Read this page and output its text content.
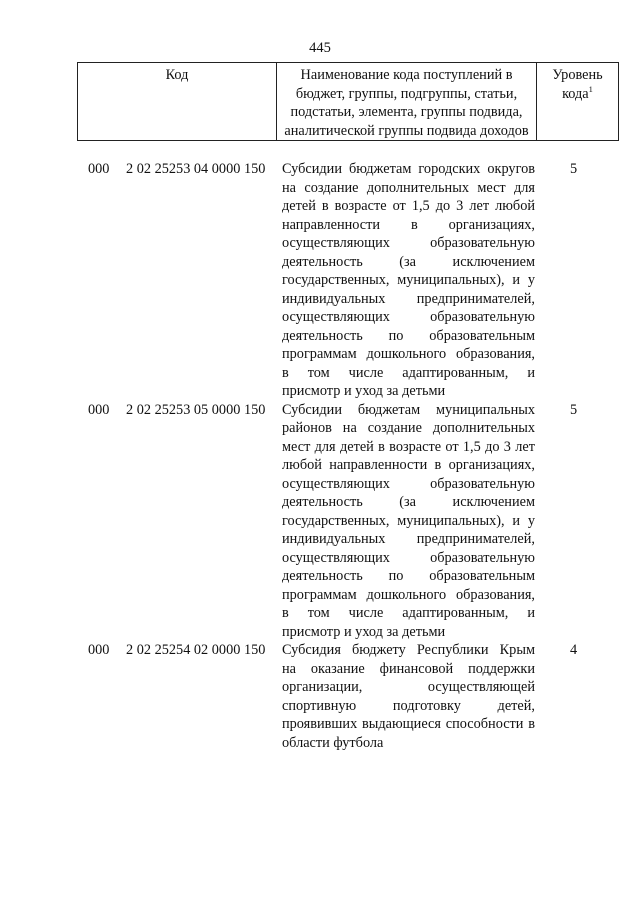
445
Код	Наименование кода поступлений в бюджет, группы, подгруппы, статьи, подстатьи, элемента, группы подвида, аналитической группы подвида доходов	Уровень кода$^1$
000 2 02 25253 04 0000 150 Субсидии бюджетам городских округов
на создание дополнительных мест для
детей в возрасте от 1,5 до 3 лет любой
направленности в организациях,
осуществляющих образовательную
деятельность (за исключением
государственных, муниципальных), и у
индивидуальных предпринимателей,
осуществляющих образовательную
деятельность по образовательным
программам дошкольного образования,
в том числе адаптированным, и
присмотр и уход за детьми
5
000 2 02 25253 05 0000 150 Субсидии бюджетам муниципальных
районов на создание дополнительных
мест для детей в возрасте от 1,5 до 3 лет
любой направленности в организациях,
осуществляющих образовательную
деятельность (за исключением
государственных, муниципальных), и у
индивидуальных предпринимателей,
осуществляющих образовательную
деятельность по образовательным
программам дошкольного образования,
в том числе адаптированным, и
присмотр и уход за детьми
5
000 2 02 25254 02 0000 150 Субсидия бюджету Республики Крым
на оказание финансовой поддержки
организации, осуществляющей
спортивную подготовку детей,
проявивших выдающиеся способности в
области футбола
4
